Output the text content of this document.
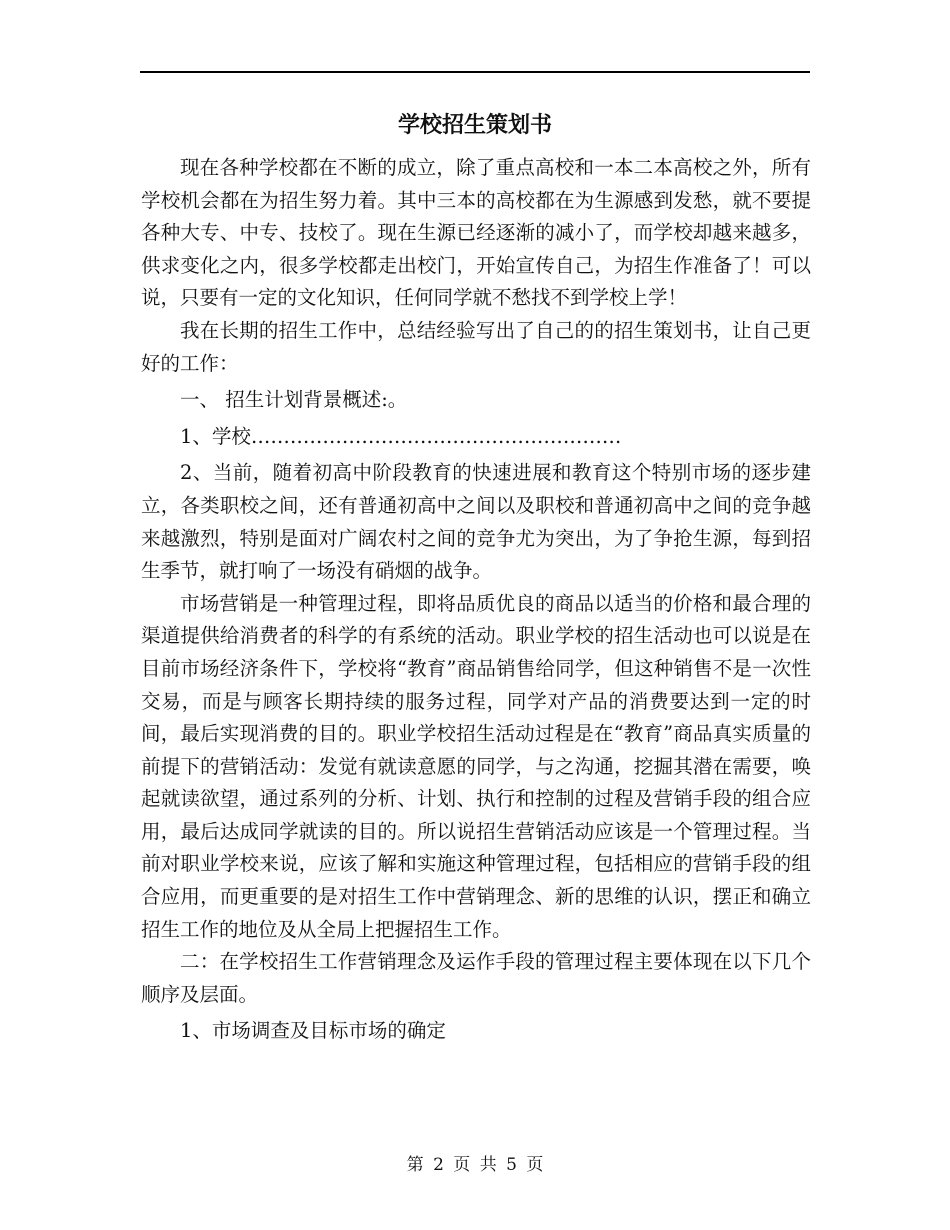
学校招生策划书

现在各种学校都在不断的成立，除了重点高校和一本二本高校之外，所有学校机会都在为招生努力着。其中三本的高校都在为生源感到发愁，就不要提各种大专、中专、技校了。现在生源已经逐渐的减小了，而学校却越来越多，供求变化之内，很多学校都走出校门，开始宣传自己，为招生作准备了！可以说，只要有一定的文化知识，任何同学就不愁找不到学校上学！

我在长期的招生工作中，总结经验写出了自己的的招生策划书，让自己更好的工作：

一、 招生计划背景概述:。

1、学校…………………………………………………

2、当前，随着初高中阶段教育的快速进展和教育这个特别市场的逐步建立，各类职校之间，还有普通初高中之间以及职校和普通初高中之间的竞争越来越激烈，特别是面对广阔农村之间的竞争尤为突出，为了争抢生源，每到招生季节，就打响了一场没有硝烟的战争。

市场营销是一种管理过程，即将品质优良的商品以适当的价格和最合理的渠道提供给消费者的科学的有系统的活动。职业学校的招生活动也可以说是在目前市场经济条件下，学校将“教育”商品销售给同学，但这种销售不是一次性交易，而是与顾客长期持续的服务过程，同学对产品的消费要达到一定的时间，最后实现消费的目的。职业学校招生活动过程是在“教育”商品真实质量的前提下的营销活动：发觉有就读意愿的同学，与之沟通，挖掘其潜在需要，唤起就读欲望，通过系列的分析、计划、执行和控制的过程及营销手段的组合应用，最后达成同学就读的目的。所以说招生营销活动应该是一个管理过程。当前对职业学校来说，应该了解和实施这种管理过程，包括相应的营销手段的组合应用，而更重要的是对招生工作中营销理念、新的思维的认识，摆正和确立招生工作的地位及从全局上把握招生工作。

二：在学校招生工作营销理念及运作手段的管理过程主要体现在以下几个顺序及层面。

1、市场调查及目标市场的确定

第 2 页 共 5 页
